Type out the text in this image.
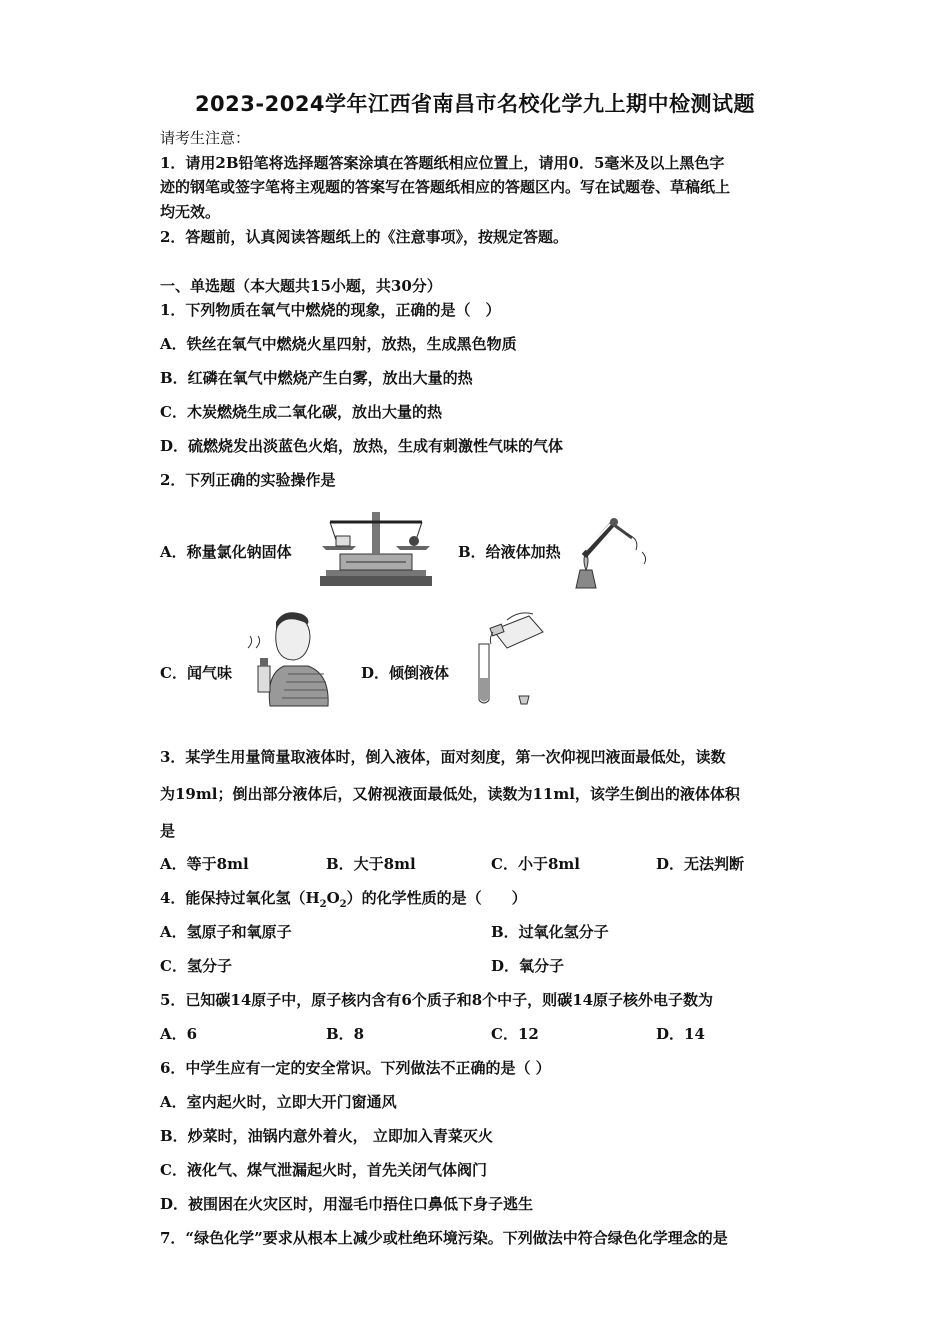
2023-2024学年江西省南昌市名校化学九上期中检测试题
请考生注意：
1．请用2B铅笔将选择题答案涂填在答题纸相应位置上，请用0．5毫米及以上黑色字
迹的钢笔或签字笔将主观题的答案写在答题纸相应的答题区内。写在试题卷、草稿纸上
均无效。
2．答题前，认真阅读答题纸上的《注意事项》，按规定答题。
一、单选题（本大题共15小题，共30分）
1．下列物质在氧气中燃烧的现象，正确的是（　）
A．铁丝在氧气中燃烧火星四射，放热，生成黑色物质
B．红磷在氧气中燃烧产生白雾，放出大量的热
C．木炭燃烧生成二氧化碳，放出大量的热
D．硫燃烧发出淡蓝色火焰，放热，生成有刺激性气味的气体
2．下列正确的实验操作是
A．称量氯化钠固体	B．给液体加热
C．闻气味	D．倾倒液体
3．某学生用量筒量取液体时，倒入液体，面对刻度，第一次仰视凹液面最低处，读数
为19ml；倒出部分液体后，又俯视液面最低处，读数为11ml，该学生倒出的液体体积
是
A．等于8ml	B．大于8ml	C．小于8ml	D．无法判断
4．能保持过氧化氢$(H_2O_2)$的化学性质的是（　　）
A．氢原子和氧原子	B．过氧化氢分子
C．氢分子	D．氧分子
5．已知碳14原子中，原子核内含有6个质子和8个中子，则碳14原子核外电子数为
A．6	B．8	C．12	D．14
6．中学生应有一定的安全常识。下列做法不正确的是（ ）
A．室内起火时，立即大开门窗通风
B．炒菜时，油锅内意外着火， 立即加入青菜灭火
C．液化气、煤气泄漏起火时，首先关闭气体阀门
D．被围困在火灾区时，用湿毛巾捂住口鼻低下身子逃生
7．“绿色化学”要求从根本上减少或杜绝环境污染。下列做法中符合绿色化学理念的是
